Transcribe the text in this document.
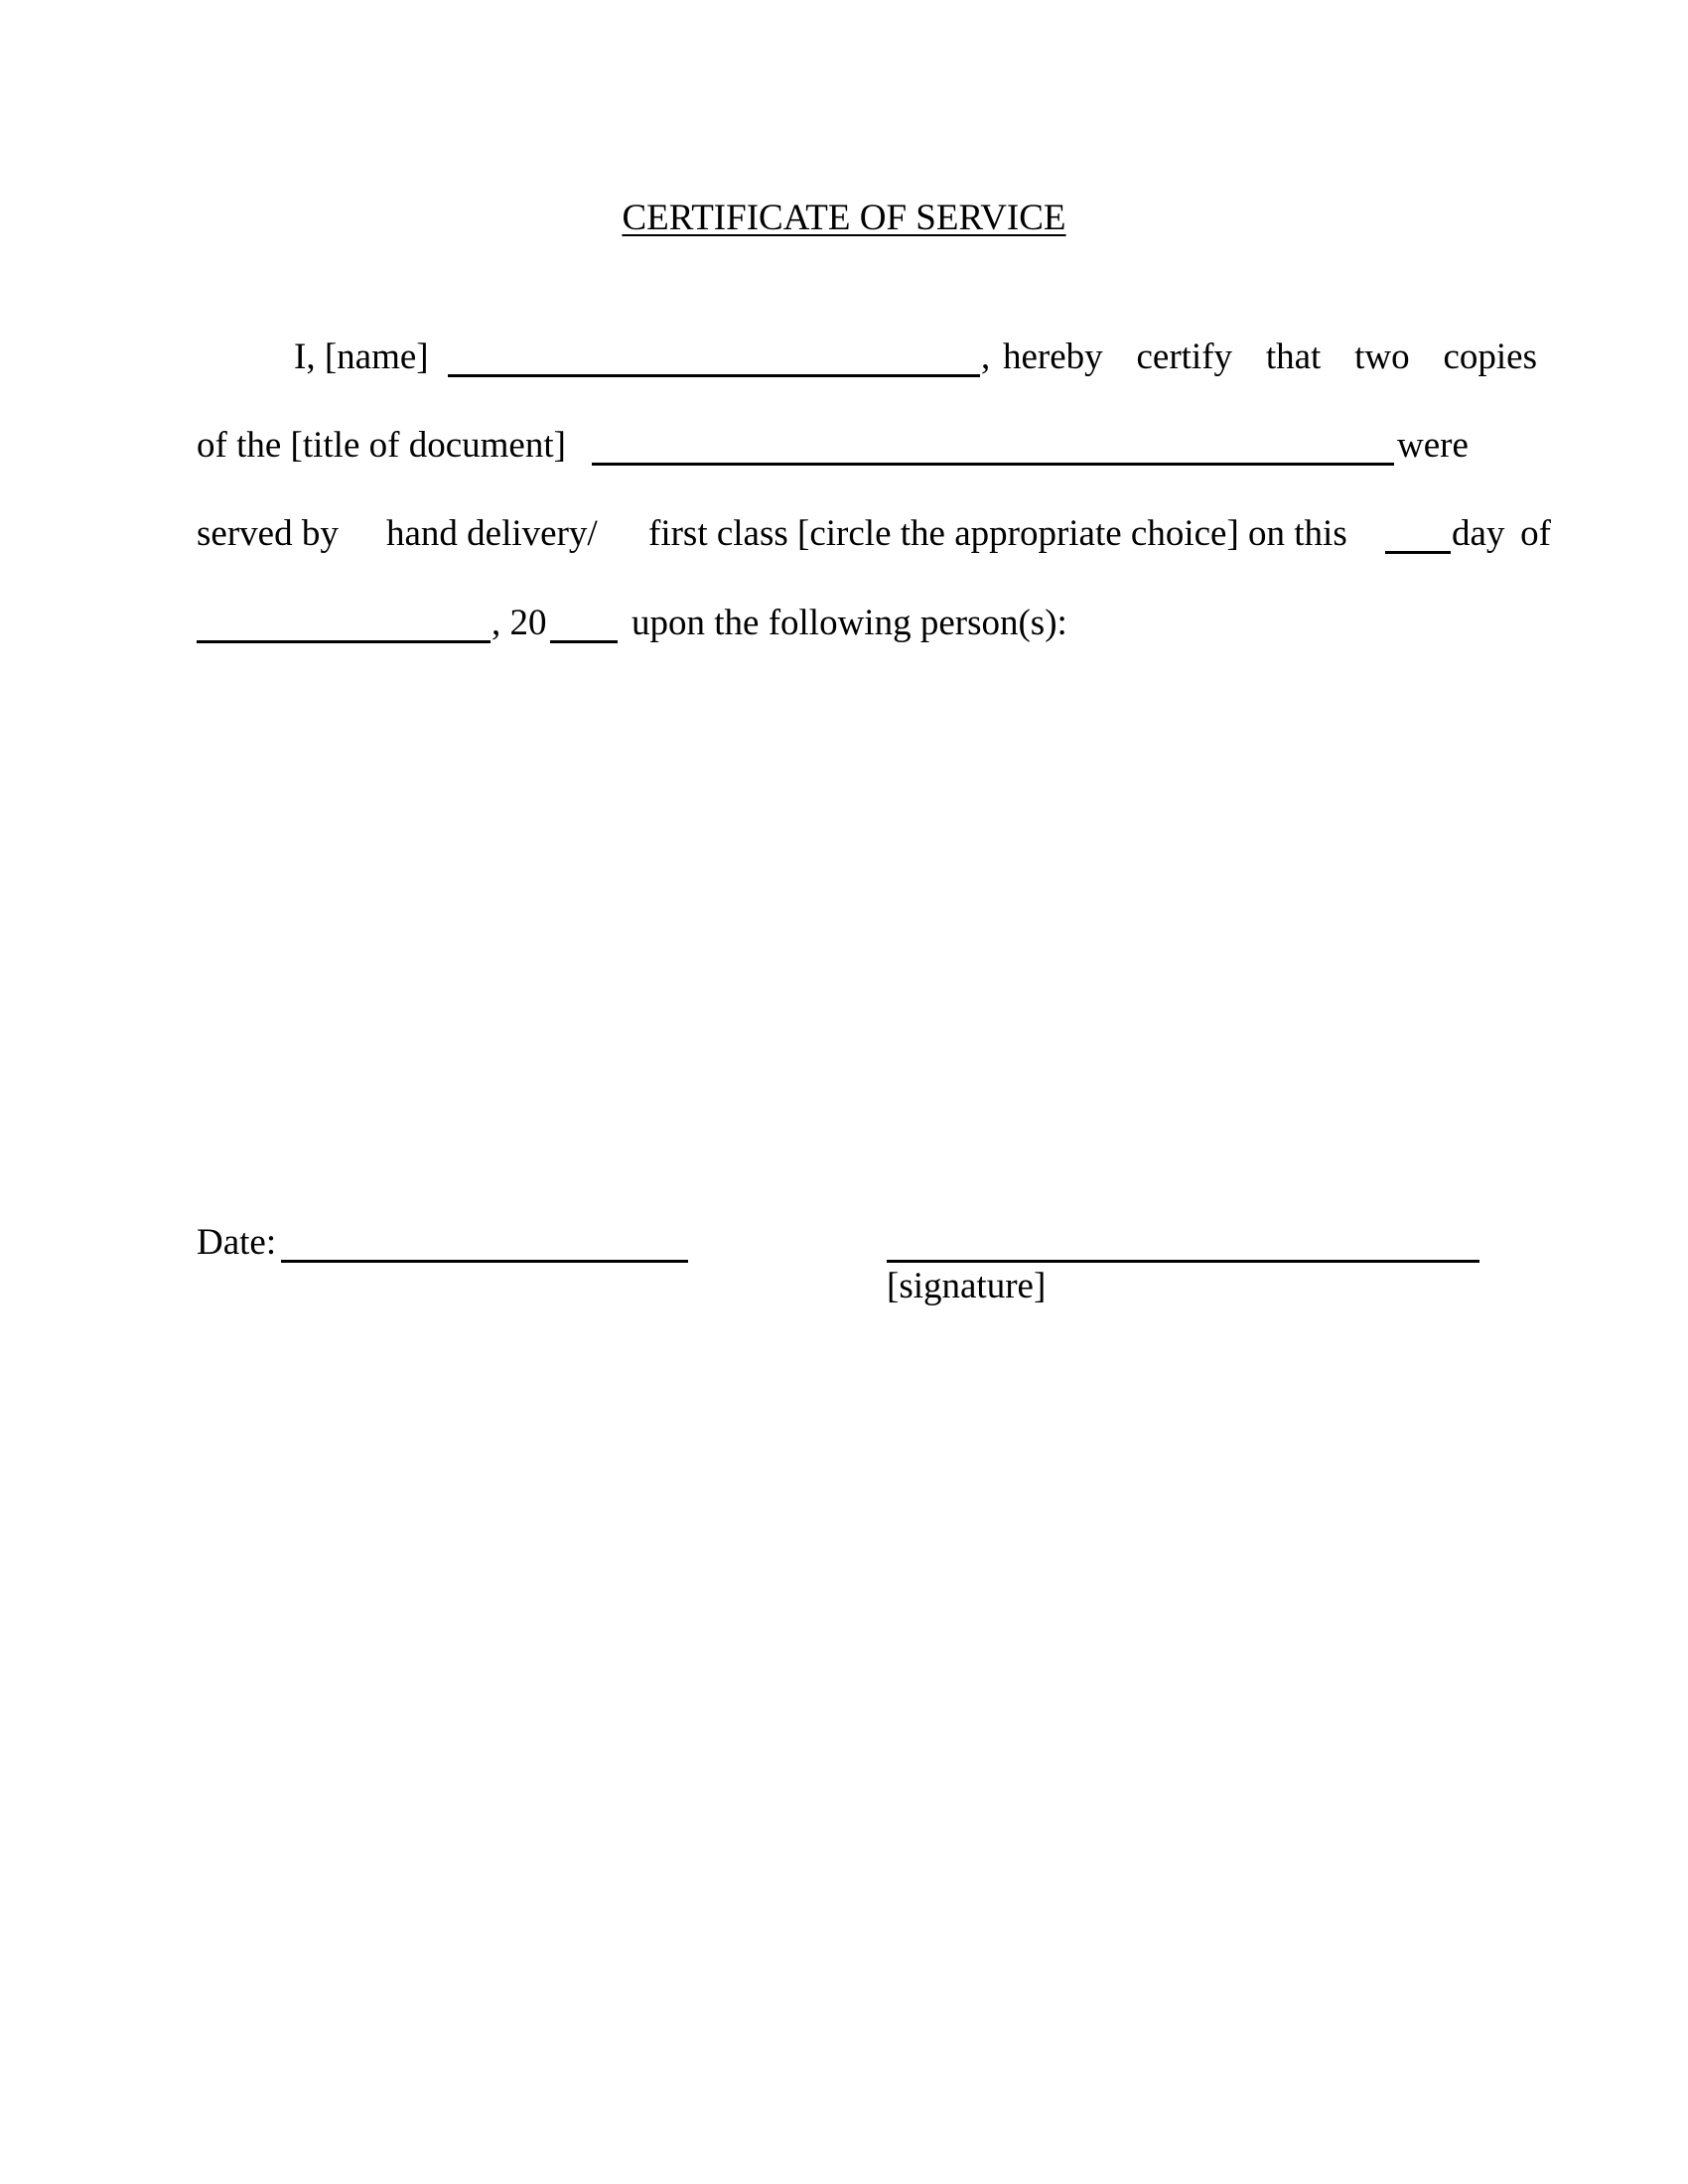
CERTIFICATE OF SERVICE
I, [name]	, hereby certify that two copies
of the [title of document]	were
served by hand delivery/ first class [circle the appropriate choice] on this	day of
, 20 upon the following person(s):
Date:
[signature]
